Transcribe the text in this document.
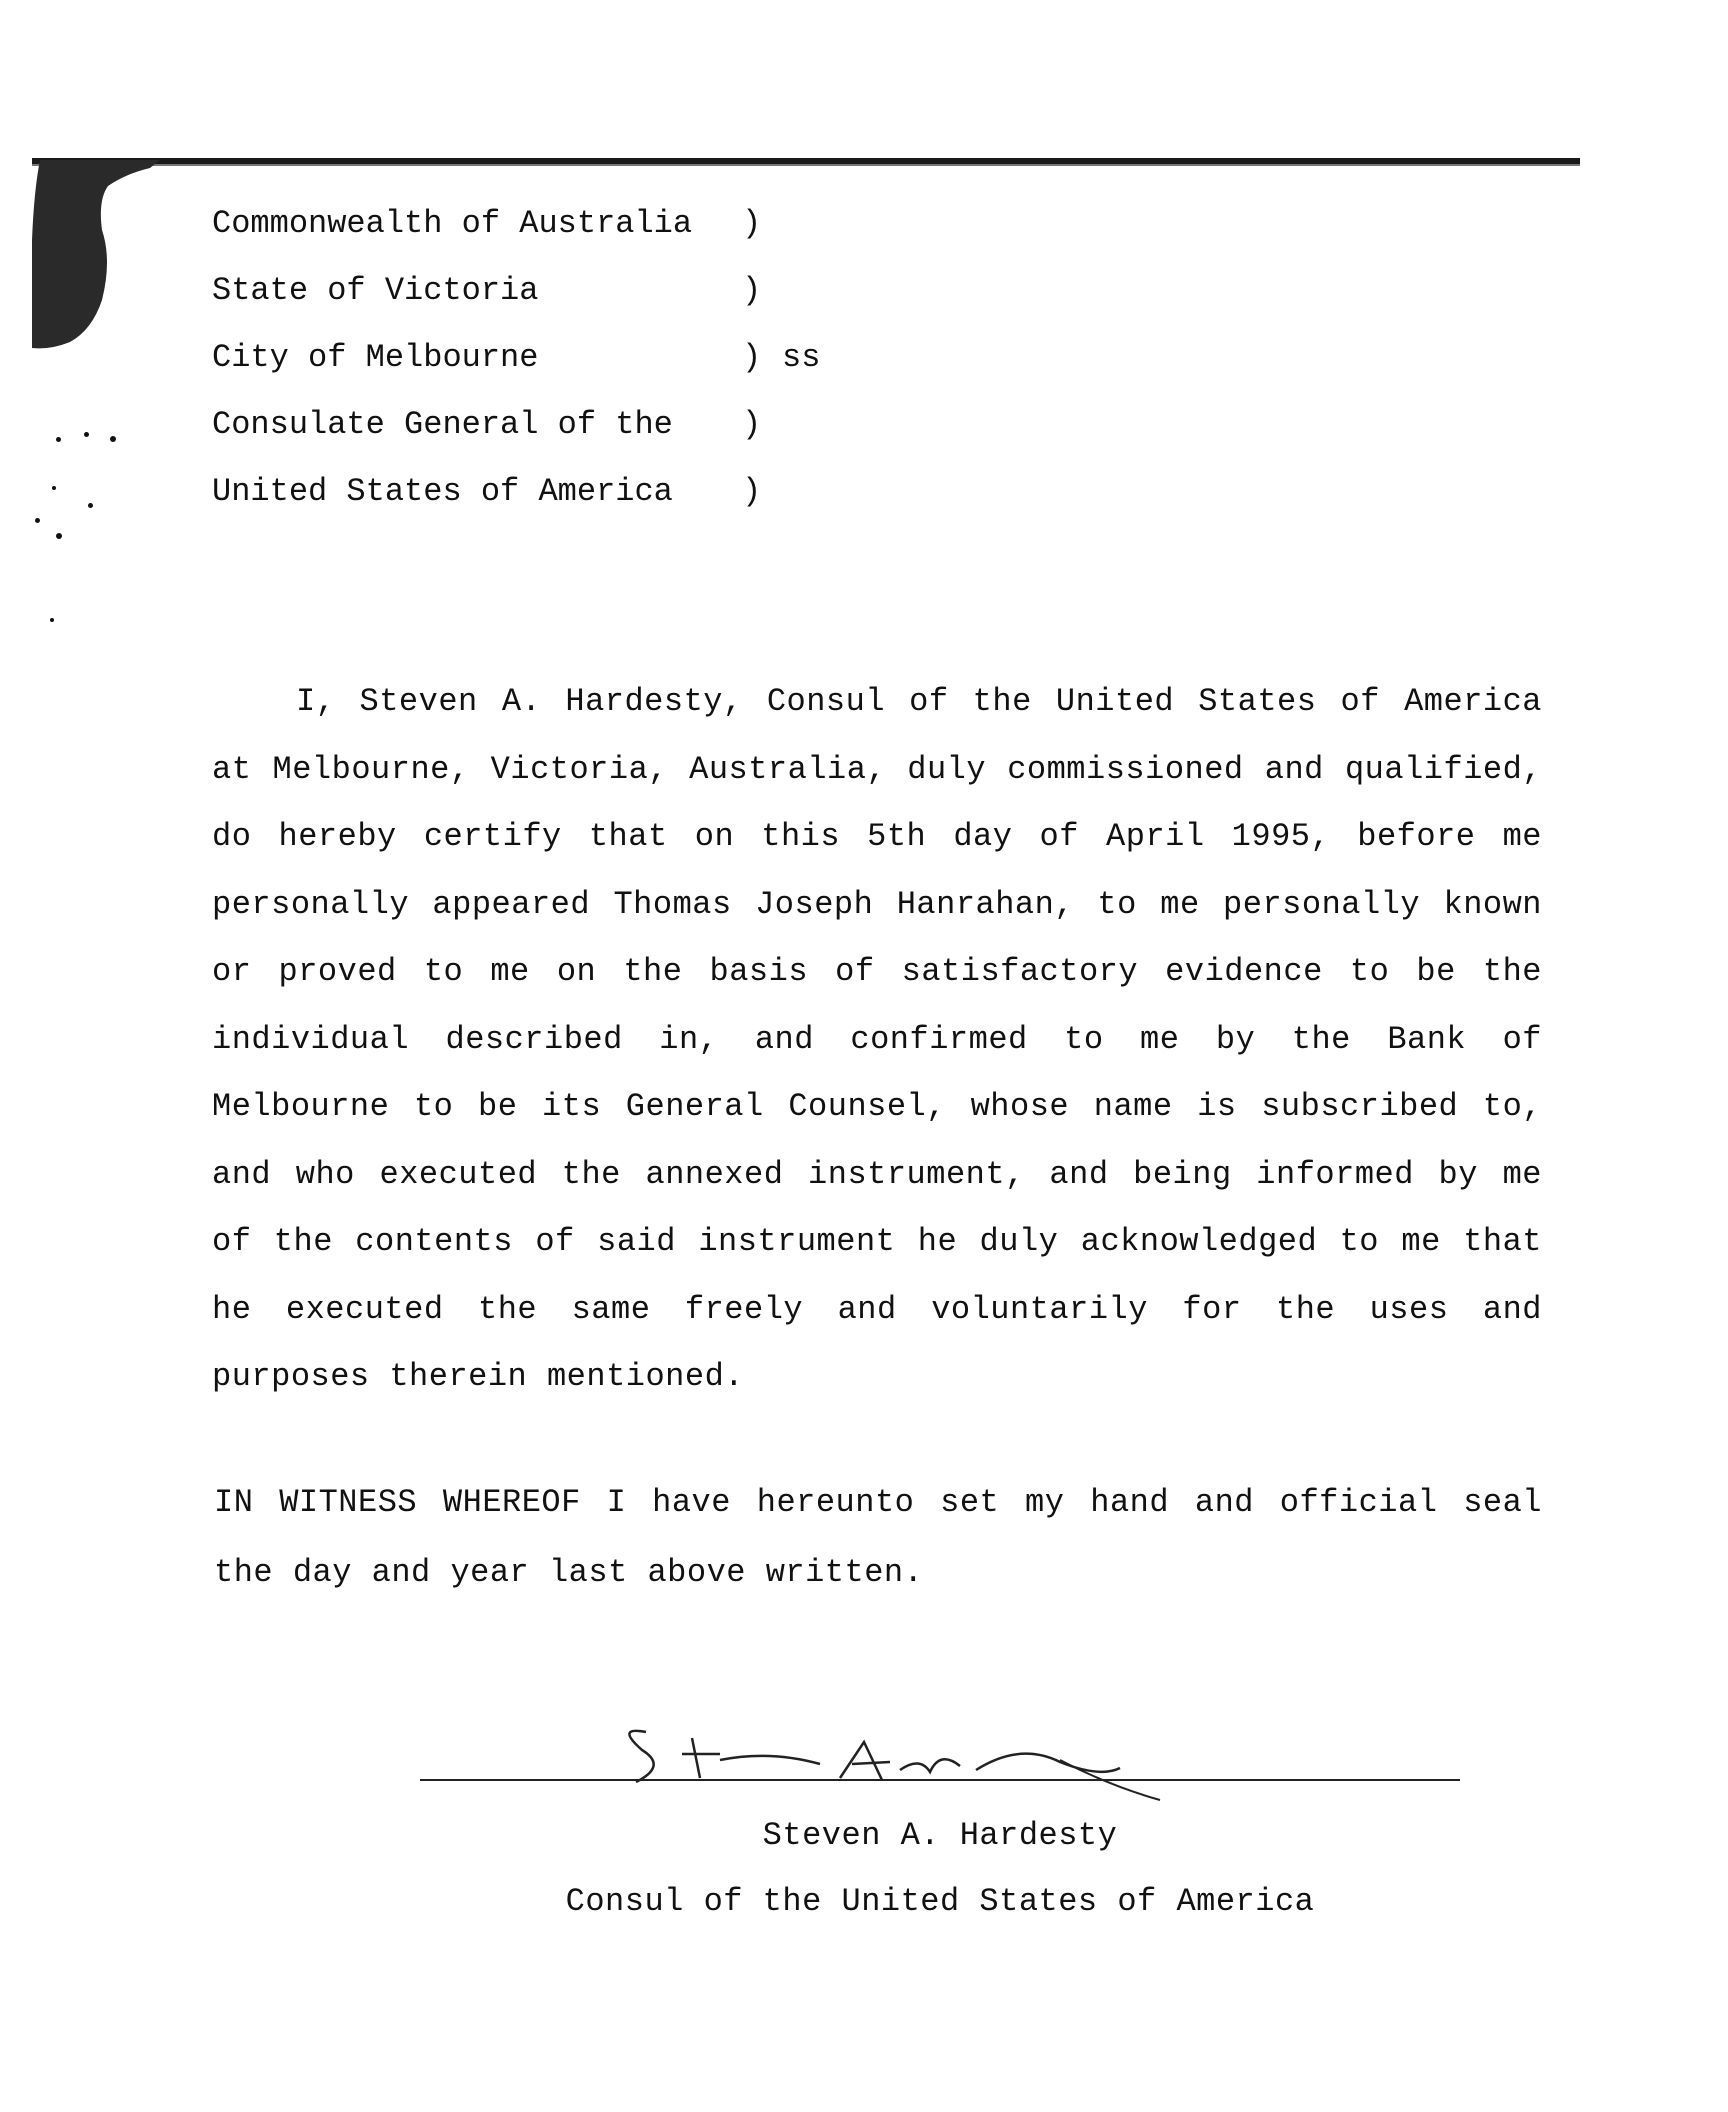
Commonwealth of Australia

)

State of Victoria

	)

City of Melbourne

	)

ss

Consulate General of the

)

United States of America

)

I, Steven A. Hardesty, Consul of the United States of America at Melbourne, Victoria, Australia, duly commissioned and qualified, do hereby certify that on this 5th day of April 1995, before me personally appeared Thomas Joseph Hanrahan, to me personally known or proved to me on the basis of satisfactory evidence to be the individual described in, and confirmed to me by the Bank of Melbourne to be its General Counsel, whose name is subscribed to, and who executed the annexed instrument, and being informed by me of the contents of said instrument he duly acknowledged to me that he executed the same freely and voluntarily for the uses and purposes therein mentioned.

IN WITNESS WHEREOF I have hereunto set my hand and official seal the day and year last above written.

Steven A. Hardesty
Consul of the United States of America
